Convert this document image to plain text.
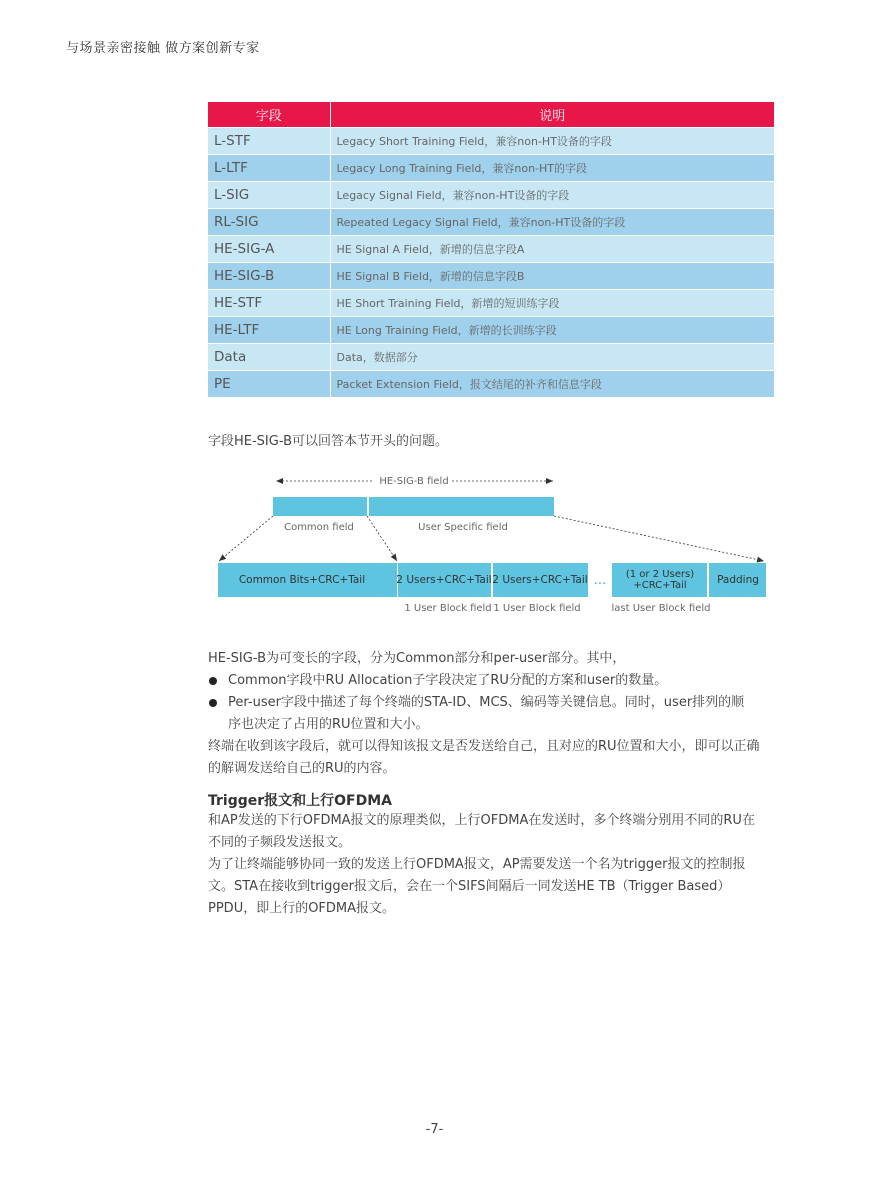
与场景亲密接触 做方案创新专家
字段	说明
L-STF	Legacy Short Training Field，兼容non-HT设备的字段
L-LTF	Legacy Long Training Field，兼容non-HT的字段
L-SIG	Legacy Signal Field，兼容non-HT设备的字段
RL-SIG	Repeated Legacy Signal Field，兼容non-HT设备的字段
HE-SIG-A	HE Signal A Field，新增的信息字段A
HE-SIG-B	HE Signal B Field，新增的信息字段B
HE-STF	HE Short Training Field，新增的短训练字段
HE-LTF	HE Long Training Field，新增的长训练字段
Data	Data，数据部分
PE	Packet Extension Field，报文结尾的补齐和信息字段
字段HE-SIG-B可以回答本节开头的问题。
HE-SIG-B field
Common field	User Specific field
Common Bits+CRC+Tail	2 Users+CRC+Tail 2 Users+CRC+Tail ... (1 or 2 Users)
+CRC+Tail	Padding
1 User Block field 1 User Block field	last User Block field
HE-SIG-B为可变长的字段，分为Common部分和per-user部分。其中，
Common字段中RU Allocation子字段决定了RU分配的方案和user的数量。
Per-user字段中描述了每个终端的STA-ID、MCS、编码等关键信息。同时，user排列的顺
序也决定了占用的RU位置和大小。
终端在收到该字段后，就可以得知该报文是否发送给自己，且对应的RU位置和大小，即可以正确
的解调发送给自己的RU的内容。
Trigger报文和上行OFDMA
和AP发送的下行OFDMA报文的原理类似，上行OFDMA在发送时，多个终端分别用不同的RU在
不同的子频段发送报文。
为了让终端能够协同一致的发送上行OFDMA报文，AP需要发送一个名为trigger报文的控制报
文。STA在接收到trigger报文后，会在一个SIFS间隔后一同发送HE TB（Trigger Based）
PPDU，即上行的OFDMA报文。
-7-
